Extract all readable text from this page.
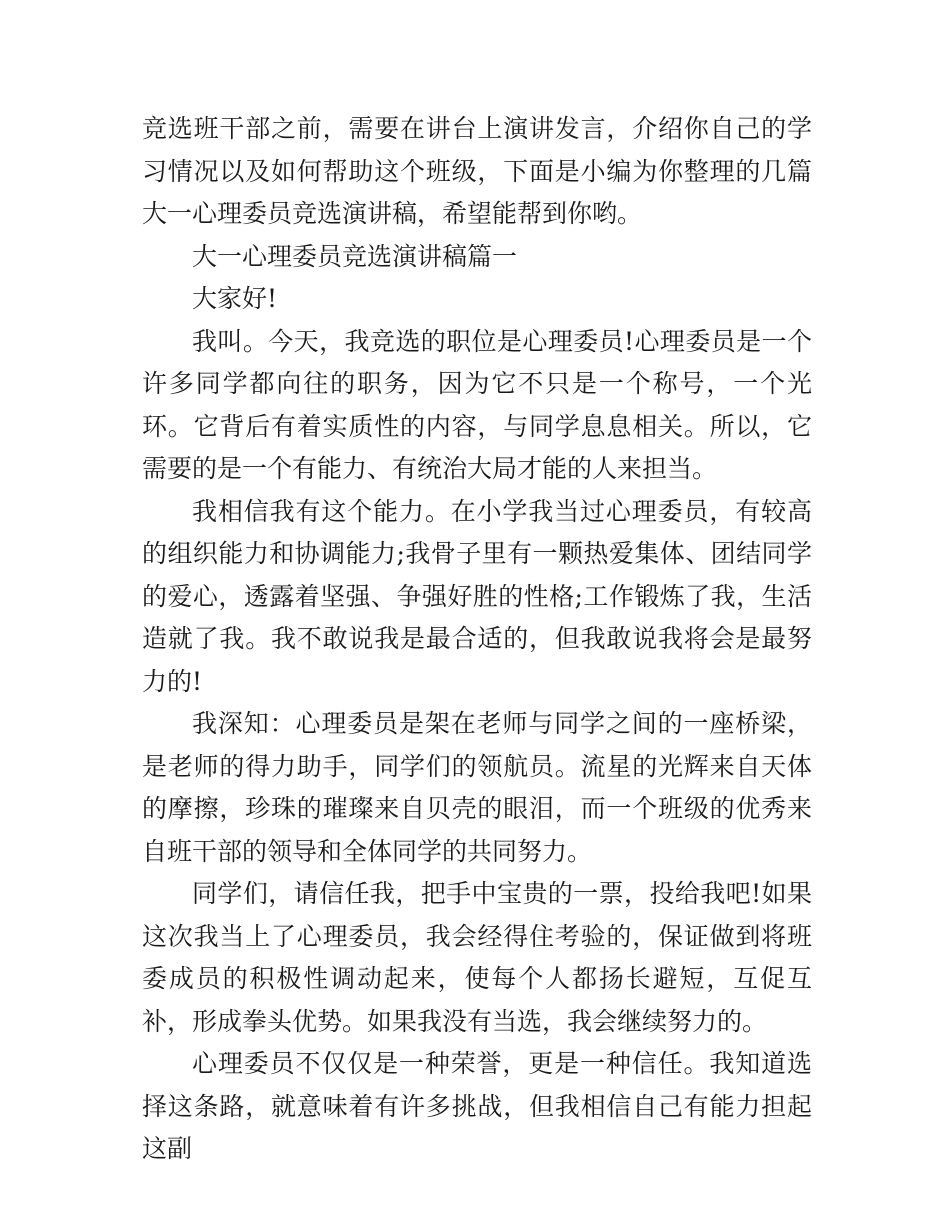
竞选班干部之前，需要在讲台上演讲发言，介绍你自己的学习情况以及如何帮助这个班级，下面是小编为你整理的几篇大一心理委员竞选演讲稿，希望能帮到你哟。

大一心理委员竞选演讲稿篇一

大家好!

我叫。今天，我竞选的职位是心理委员!心理委员是一个许多同学都向往的职务，因为它不只是一个称号，一个光环。它背后有着实质性的内容，与同学息息相关。所以，它需要的是一个有能力、有统治大局才能的人来担当。

我相信我有这个能力。在小学我当过心理委员，有较高的组织能力和协调能力;我骨子里有一颗热爱集体、团结同学的爱心，透露着坚强、争强好胜的性格;工作锻炼了我，生活造就了我。我不敢说我是最合适的，但我敢说我将会是最努力的!

我深知：心理委员是架在老师与同学之间的一座桥梁，是老师的得力助手，同学们的领航员。流星的光辉来自天体的摩擦，珍珠的璀璨来自贝壳的眼泪，而一个班级的优秀来自班干部的领导和全体同学的共同努力。

同学们，请信任我，把手中宝贵的一票，投给我吧!如果这次我当上了心理委员，我会经得住考验的，保证做到将班委成员的积极性调动起来，使每个人都扬长避短，互促互补，形成拳头优势。如果我没有当选，我会继续努力的。

心理委员不仅仅是一种荣誉，更是一种信任。我知道选择这条路，就意味着有许多挑战，但我相信自己有能力担起这副
